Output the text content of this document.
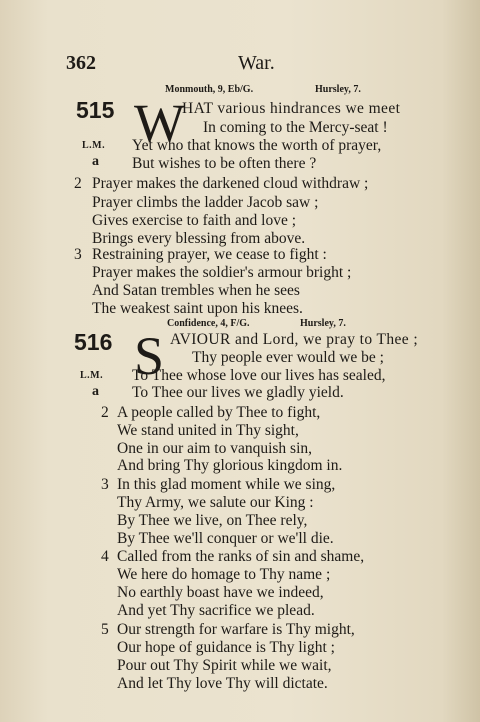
362	War.
Monmouth, 9, Eb/G.	Hursley, 7.
515 W
HAT various hindrances we meet
In coming to the Mercy-seat !
L.M. Yet who that knows the worth of prayer,
a But wishes to be often there ?
2 Prayer makes the darkened cloud withdraw ;
Prayer climbs the ladder Jacob saw ;
Gives exercise to faith and love ;
Brings every blessing from above.
3 Restraining prayer, we cease to fight :
Prayer makes the soldier's armour bright ;
And Satan trembles when he sees
The weakest saint upon his knees.
Confidence, 4, F/G.	Hursley, 7.
516 S AVIOUR and Lord, we pray to Thee ;
Thy people ever would we be ;
L.M. To Thee whose love our lives has sealed,
a To Thee our lives we gladly yield.
2 A people called by Thee to fight,
We stand united in Thy sight,
One in our aim to vanquish sin,
And bring Thy glorious kingdom in.
3 In this glad moment while we sing,
Thy Army, we salute our King :
By Thee we live, on Thee rely,
By Thee we'll conquer or we'll die.
4 Called from the ranks of sin and shame,
We here do homage to Thy name ;
No earthly boast have we indeed,
And yet Thy sacrifice we plead.
5 Our strength for warfare is Thy might,
Our hope of guidance is Thy light ;
Pour out Thy Spirit while we wait,
And let Thy love Thy will dictate.
